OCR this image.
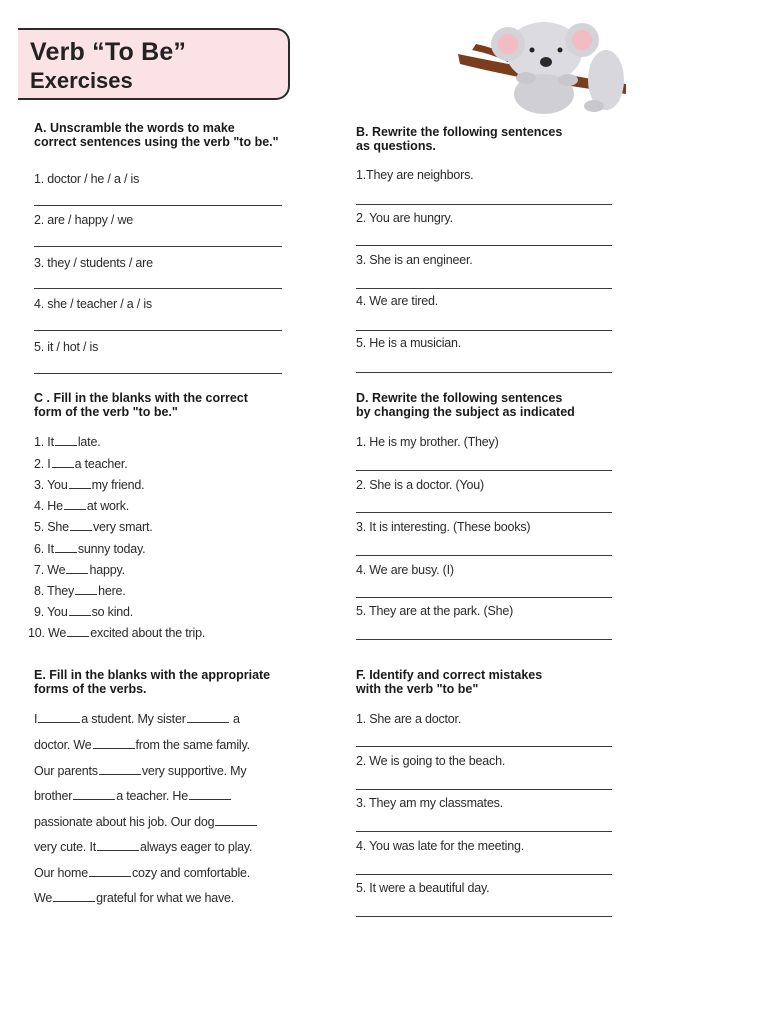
Verb “To Be”
Exercises
A. Unscramble the words to make
correct sentences using the verb "to be."
1. doctor / he / a / is
2. are / happy / we
3. they / students / are
4. she / teacher / a / is
5. it / hot / is
B. Rewrite the following sentences
as questions.
1.They are neighbors.
2. You are hungry.
3. She is an engineer.
4. We are tired.
5. He is a musician.
C . Fill in the blanks with the correct
form of the verb "to be."
1. It late.
2. I a teacher.
3. You my friend.
4. He at work.
5. She very smart.
6. It sunny today.
7. We happy.
8. They here.
9. You so kind.
10. We excited about the trip.
D. Rewrite the following sentences
by changing the subject as indicated
1. He is my brother. (They)
2. She is a doctor. (You)
3. It is interesting. (These books)
4. We are busy. (I)
5. They are at the park. (She)
E. Fill in the blanks with the appropriate
forms of the verbs.
I	a student. My sister	a
doctor. We	from the same family.
Our parents	very supportive. My
brother	a teacher. He
passionate about his job. Our dog
very cute. It	always eager to play.
Our home	cozy and comfortable.
We	grateful for what we have.
F. Identify and correct mistakes
with the verb "to be"
1. She are a doctor.
2. We is going to the beach.
3. They am my classmates.
4. You was late for the meeting.
5. It were a beautiful day.
